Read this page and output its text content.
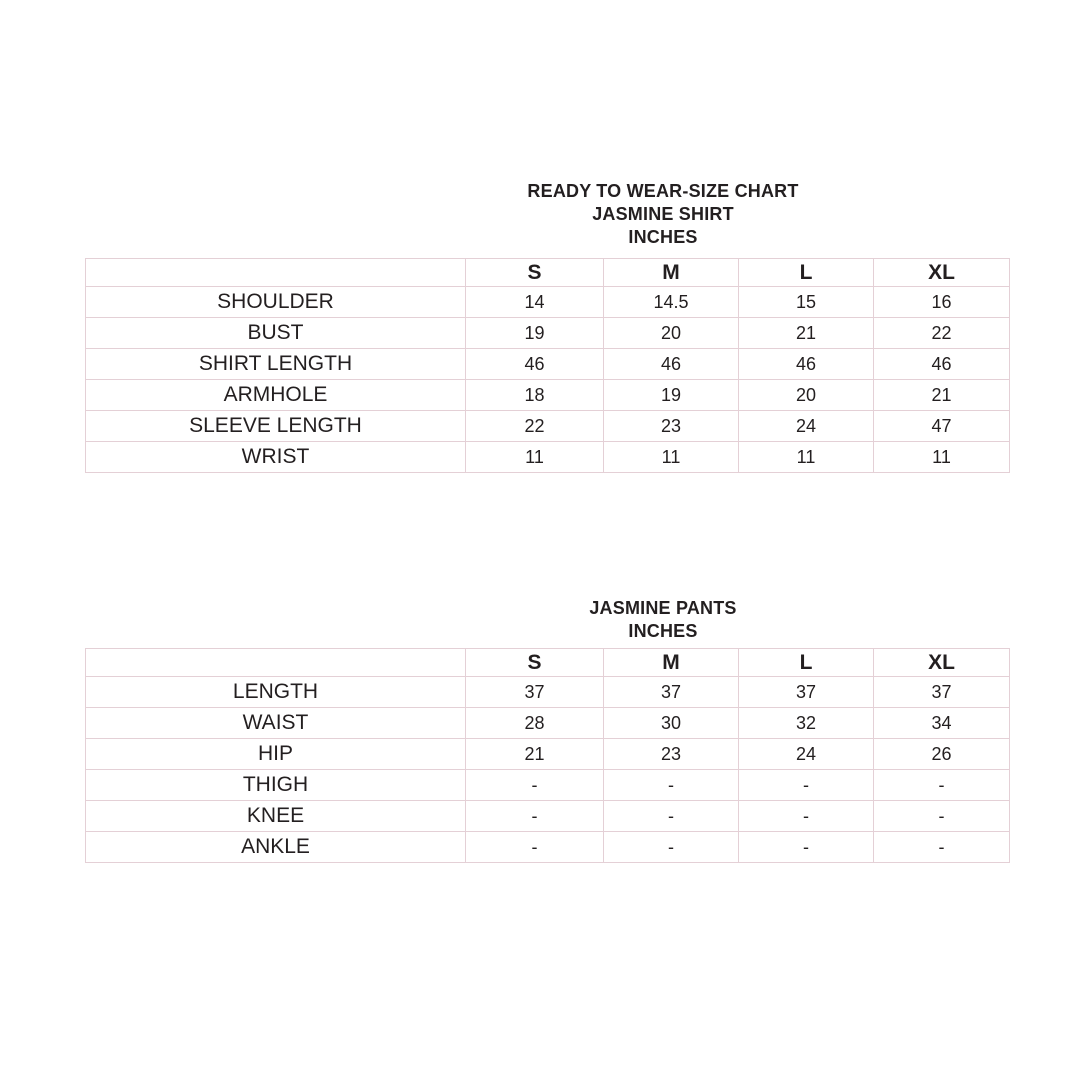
READY TO WEAR-SIZE CHART
JASMINE SHIRT
INCHES
	S	M	L	XL
SHOULDER	14	14.5	15	16
BUST	19	20	21	22
SHIRT LENGTH	46	46	46	46
ARMHOLE	18	19	20	21
SLEEVE LENGTH	22	23	24	47
WRIST	11	11	11	11
JASMINE PANTS
INCHES
	S	M	L	XL
LENGTH	37	37	37	37
WAIST	28	30	32	34
HIP	21	23	24	26
THIGH	-	-	-	-
KNEE	-	-	-	-
ANKLE	-	-	-	-
